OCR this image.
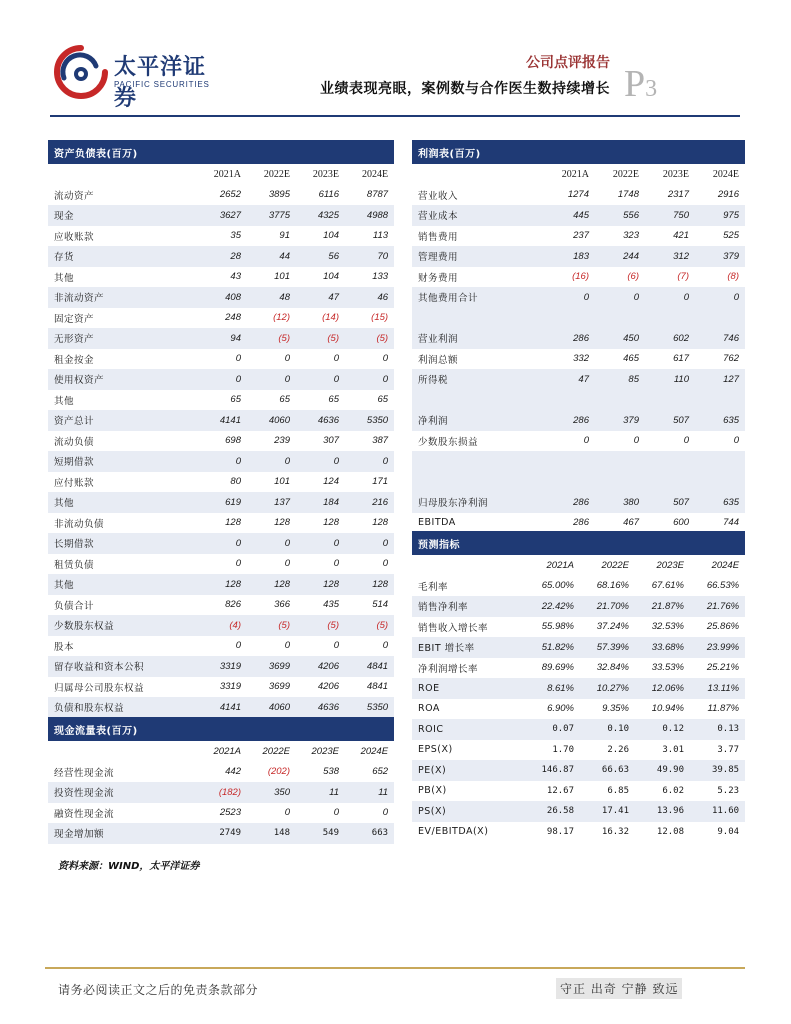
太平洋证券
PACIFIC SECURITIES
公司点评报告
业绩表现亮眼，案例数与合作医生数持续增长 P3
资产负债表(百万)				
	2021A	2022E	2023E	2024E
流动资产	2652	3895	6116	8787
现金	3627	3775	4325	4988
应收账款	35	91	104	113
存货	28	44	56	70
其他	43	101	104	133
非流动资产	408	48	47	46
固定资产	248	(12)	(14)	(15)
无形资产	94	(5)	(5)	(5)
租金按金	0	0	0	0
使用权资产	0	0	0	0
其他	65	65	65	65
资产总计	4141	4060	4636	5350
流动负债	698	239	307	387
短期借款	0	0	0	0
应付账款	80	101	124	171
其他	619	137	184	216
非流动负债	128	128	128	128
长期借款	0	0	0	0
租赁负债	0	0	0	0
其他	128	128	128	128
负债合计	826	366	435	514
少数股东权益	(4)	(5)	(5)	(5)
股本	0	0	0	0
留存收益和资本公积	3319	3699	4206	4841
归属母公司股东权益	3319	3699	4206	4841
负债和股东权益	4141	4060	4636	5350
现金流量表(百万)				
	2021A	2022E	2023E	2024E
经营性现金流	442	(202)	538	652
投资性现金流	(182)	350	11	11
融资性现金流	2523	0	0	0
现金增加额	2749	148	549	663
利润表(百万)				
	2021A	2022E	2023E	2024E
营业收入	1274	1748	2317	2916
营业成本	445	556	750	975
销售费用	237	323	421	525
管理费用	183	244	312	379
财务费用	(16)	(6)	(7)	(8)
其他费用合计	0	0	0	0

营业利润	286	450	602	746
利润总额	332	465	617	762
所得税	47	85	110	127

净利润	286	379	507	635
少数股东损益	0	0	0	0

归母股东净利润	286	380	507	635
EBITDA	286	467	600	744
预测指标				
	2021A	2022E	2023E	2024E
毛利率	65.00%	68.16%	67.61%	66.53%
销售净利率	22.42%	21.70%	21.87%	21.76%
销售收入增长率	55.98%	37.24%	32.53%	25.86%
EBIT 增长率	51.82%	57.39%	33.68%	23.99%
净利润增长率	89.69%	32.84%	33.53%	25.21%
ROE	8.61%	10.27%	12.06%	13.11%
ROA	6.90%	9.35%	10.94%	11.87%
ROIC	0.07	0.10	0.12	0.13
EPS(X)	1.70	2.26	3.01	3.77
PE(X)	146.87	66.63	49.90	39.85
PB(X)	12.67	6.85	6.02	5.23
PS(X)	26.58	17.41	13.96	11.60
EV/EBITDA(X)	98.17	16.32	12.08	9.04
资料来源：WIND，太平洋证券
请务必阅读正文之后的免责条款部分	守正 出奇 宁静 致远
